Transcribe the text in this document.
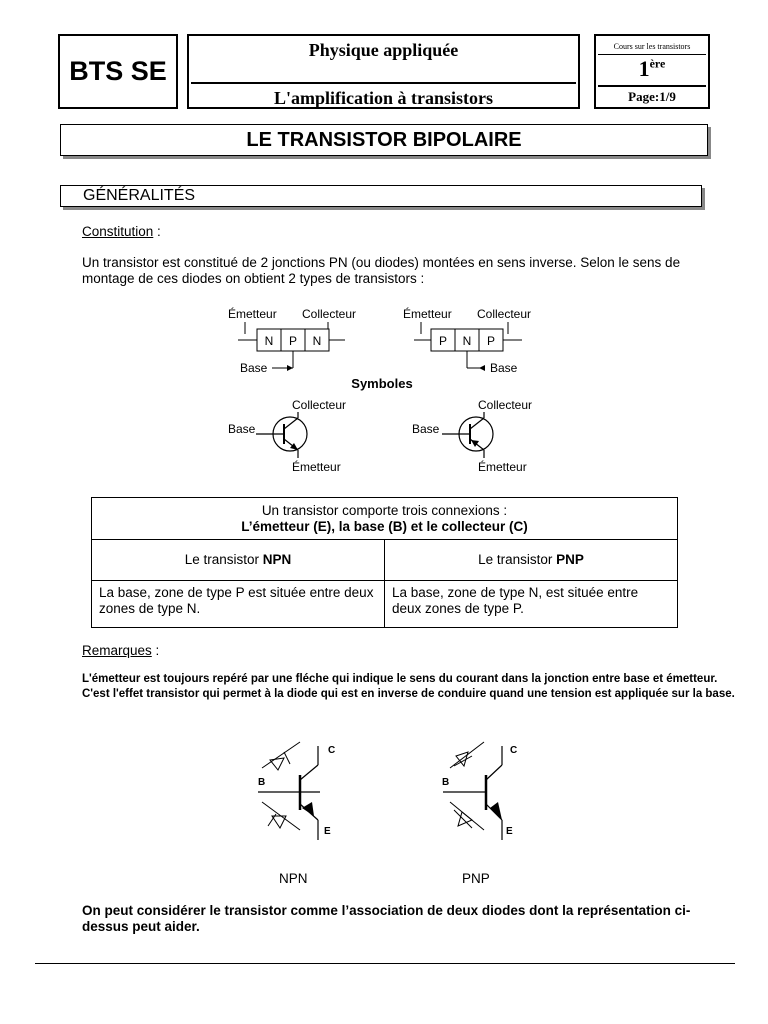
BTS SE
Physique appliquée
L'amplification à transistors
Cours sur les transistors
1ère
Page:1/9
LE TRANSISTOR BIPOLAIRE
GÉNÉRALITÉS
Constitution :
Un transistor est constitué de 2 jonctions PN (ou diodes) montées en sens inverse. Selon le sens de montage de ces diodes on obtient 2 types de transistors :
Émetteur Collecteur
N P N
Base
Émetteur Collecteur
P N P
Base
Symboles
Collecteur
Base
Émetteur
Collecteur
Base
Émetteur
Un transistor comporte trois connexions :
L’émetteur (E), la base (B) et le collecteur (C)	

Le transistor NPN	Le transistor PNP
La base, zone de type P est située entre deux zones de type N.	La base, zone de type N, est située entre deux zones de type P.
Remarques :
L'émetteur est toujours repéré par une fléche qui indique le sens du courant dans la jonction entre base et émetteur. C'est l'effet transistor qui permet à la diode qui est en inverse de conduire quand une tension est appliquée sur la base.
C
B
E
C
B
E
NPN	PNP
On peut considérer le transistor comme l’association de deux diodes dont la représentation ci-dessus peut aider.
